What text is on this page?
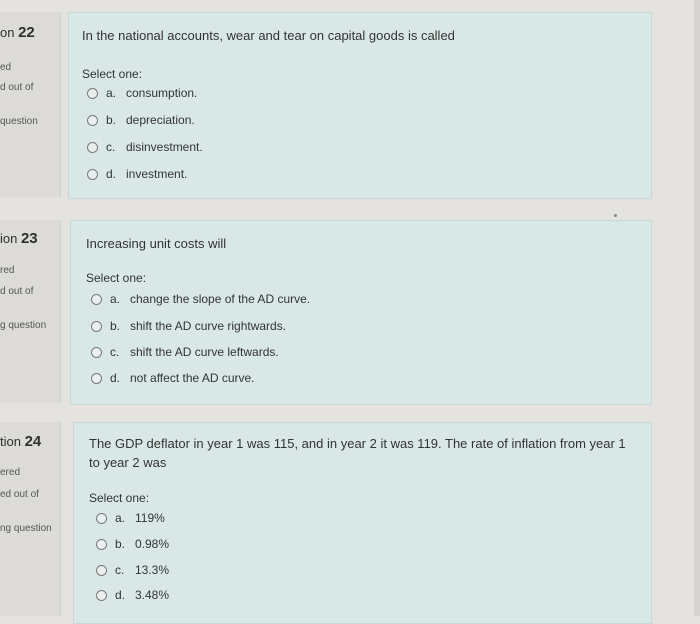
on 22
ed
d out of
question
In the national accounts, wear and tear on capital goods is called
Select one:
a. consumption.
b. depreciation.
c. disinvestment.
d. investment.
ion 23
red
d out of
g question
Increasing unit costs will
Select one:
a. change the slope of the AD curve.
b. shift the AD curve rightwards.
c. shift the AD curve leftwards.
d. not affect the AD curve.
tion 24
ered
ed out of
ng question
The GDP deflator in year 1 was 115, and in year 2 it was 119. The rate of inflation from year 1 to year 2 was
Select one:
a. 119%
b. 0.98%
c. 13.3%
d. 3.48%
